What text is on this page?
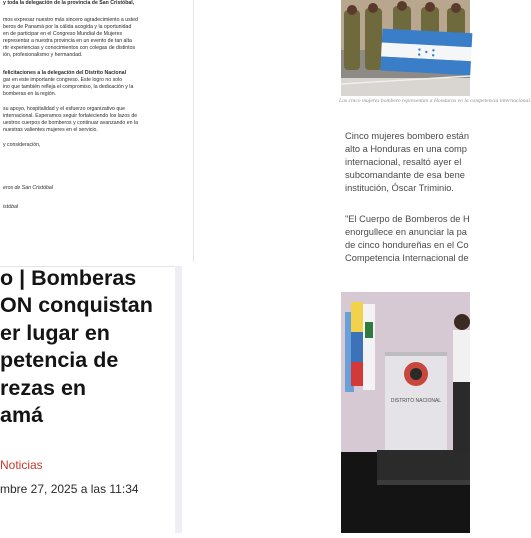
y toda la delegación de la provincia de San Cristóbal,

mos expresar nuestro más sincero agradecimiento a usted

beros de Panamá por la cálida acogida y la oportunidad

en de participar en el Congreso Mundial de Mujeres

representar a nuestra provincia en un evento de tan alta

rtir experiencias y conocimientos con colegas de distintos

ión, profesionalismo y hermandad.

felicitaciones a la delegación del Distrito Nacional

gar en este importante congreso. Este logro no solo

ino que también refleja el compromiso, la dedicación y la

bomberas en la región.

su apoyo, hospitalidad y el esfuerzo organizativo que

internacional. Esperamos seguir fortaleciendo los lazos de

uestros cuerpos de bomberos y continuar avanzando en la

nuestras valientes mujeres en el servicio.

y consideración,

eros de San Cristóbal

istóbal

Las cinco mujeres bombero representan a Honduras en la competencia internacional.

Cinco mujeres bombero están

alto a Honduras en una comp

internacional, resaltó ayer el

subcomandante de esa bene

institución, Óscar Triminio.

"El Cuerpo de Bomberos de H

enorgullece en anunciar la pa

de cinco hondureñas en el Co

Competencia Internacional de

o | Bomberas
ON conquistan
er lugar en
petencia de
rezas en
amá
Noticias
mbre 27, 2025 a las 11:34
DISTRITO NACIONAL
